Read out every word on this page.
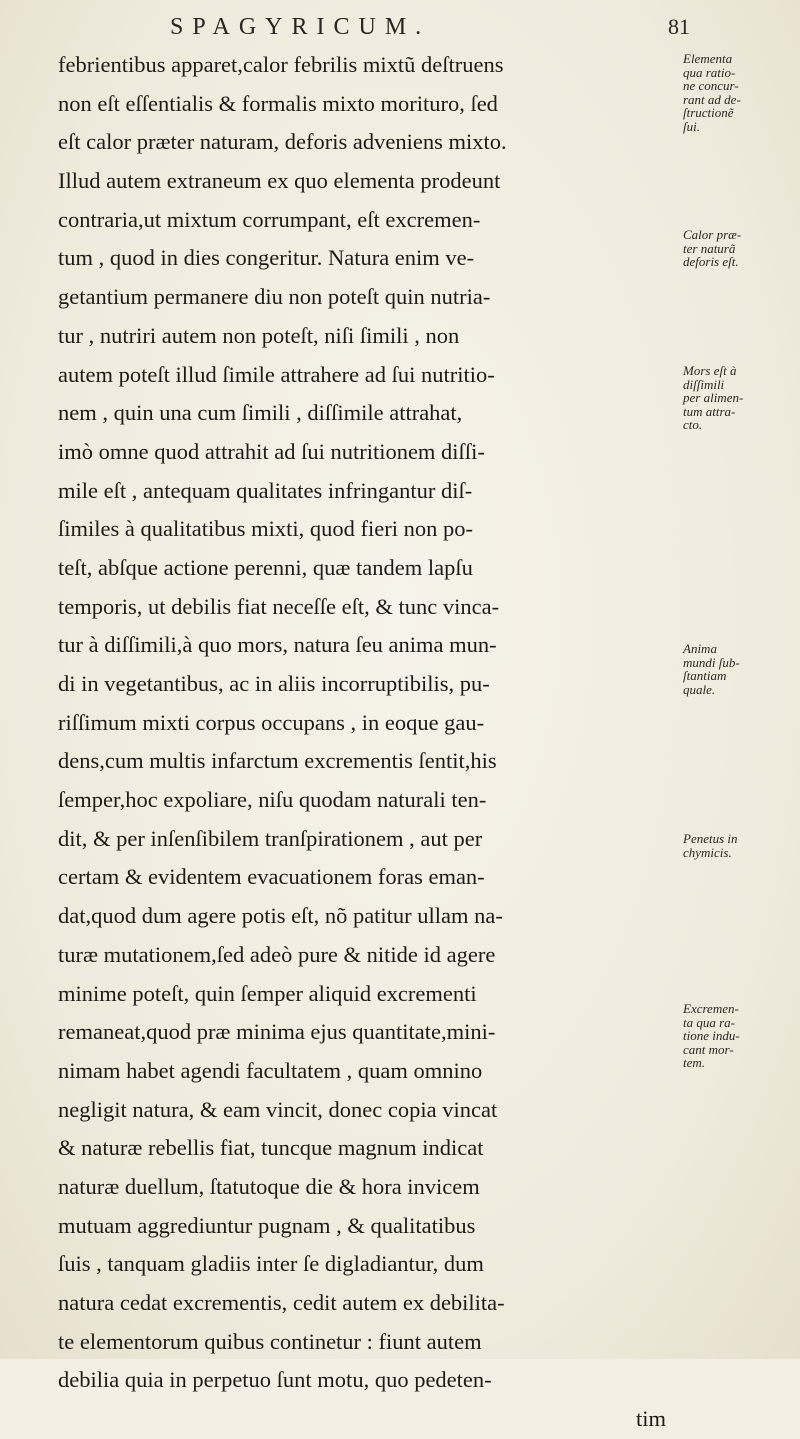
SPAGYRICUM.	81
febrientibus apparet,calor febrilis mixtũ deſtruens
non eſt eſſentialis & formalis mixto morituro, ſed
eſt calor præter naturam, deforis adveniens mixto.
Illud autem extraneum ex quo elementa prodeunt
contraria,ut mixtum corrumpant, eſt excremen-
tum , quod in dies congeritur. Natura enim ve-
getantium permanere diu non poteſt quin nutria-
tur , nutriri autem non poteſt, niſi ſimili , non
autem poteſt illud ſimile attrahere ad ſui nutritio-
nem , quin una cum ſimili , diſſimile attrahat,
imò omne quod attrahit ad ſui nutritionem diſſi-
mile eſt , antequam qualitates infringantur diſ-
ſimiles à qualitatibus mixti, quod fieri non po-
teſt, abſque actione perenni, quæ tandem lapſu
temporis, ut debilis fiat neceſſe eſt, & tunc vinca-
tur à diſſimili,à quo mors, natura ſeu anima mun-
di in vegetantibus, ac in aliis incorruptibilis, pu-
riſſimum mixti corpus occupans , in eoque gau-
dens,cum multis infarctum excrementis ſentit,his
ſemper,hoc expoliare, niſu quodam naturali ten-
dit, & per inſenſibilem tranſpirationem , aut per
certam & evidentem evacuationem foras eman-
dat,quod dum agere potis eſt, nõ patitur ullam na-
turæ mutationem,ſed adeò pure & nitide id agere
minime poteſt, quin ſemper aliquid excrementi
remaneat,quod præ minima ejus quantitate,mini-
nimam habet agendi facultatem , quam omnino
negligit natura, & eam vincit, donec copia vincat
& naturæ rebellis fiat, tuncque magnum indicat
naturæ duellum, ſtatutoque die & hora invicem
mutuam aggrediuntur pugnam , & qualitatibus
ſuis , tanquam gladiis inter ſe digladiantur, dum
natura cedat excrementis, cedit autem ex debilita-
te elementorum quibus continetur : fiunt autem
debilia quia in perpetuo ſunt motu, quo pedeten-
tim
Elementa
qua ratio-
ne concur-
rant ad de-
ſtructionẽ
ſui.
Calor præ-
ter naturã
deforis eſt.
Mors eſt à
diſſimili
per alimen-
tum attra-
cto.
Anima
mundi ſub-
ſtantiam
quale.
Penetus in
chymicis.
Excremen-
ta qua ra-
tione indu-
cant mor-
tem.
